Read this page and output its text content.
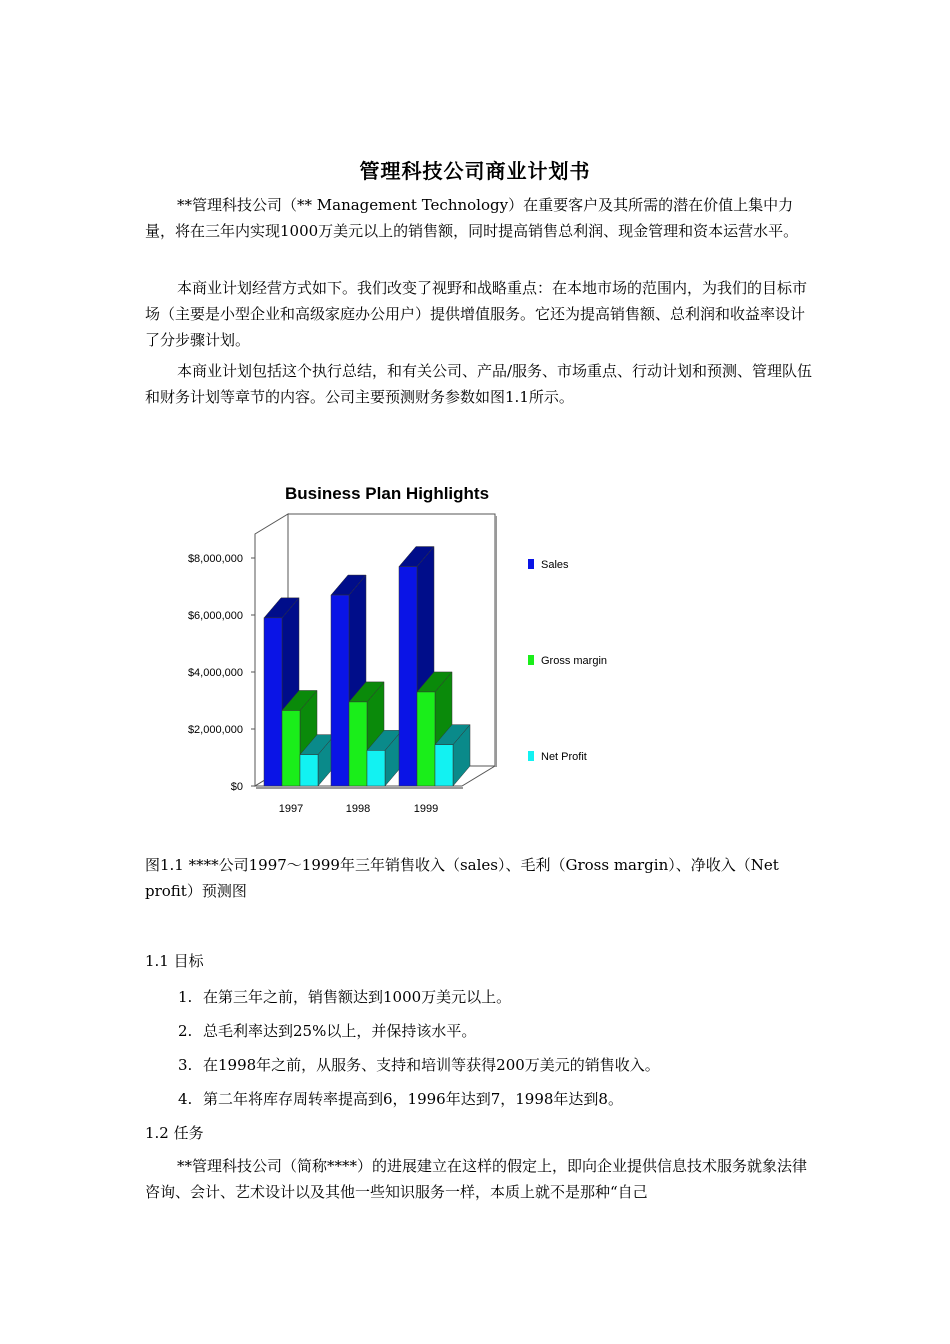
管理科技公司商业计划书
**管理科技公司（** Management Technology）在重要客户及其所需的潜在价值上集中力量，将在三年内实现1000万美元以上的销售额，同时提高销售总利润、现金管理和资本运营水平。
本商业计划经营方式如下。我们改变了视野和战略重点：在本地市场的范围内，为我们的目标市场（主要是小型企业和高级家庭办公用户）提供增值服务。它还为提高销售额、总利润和收益率设计了分步骤计划。
本商业计划包括这个执行总结，和有关公司、产品/服务、市场重点、行动计划和预测、管理队伍和财务计划等章节的内容。公司主要预测财务参数如图1.1所示。
Business Plan Highlights
$8,000,000
$6,000,000
$4,000,000
$2,000,000
$0
1997	1998	1999
Sales
Gross margin
Net Profit
图1.1 ****公司1997～1999年三年销售收入（sales）、毛利（Gross margin）、净收入（Net profit）预测图
1.1 目标
1. 在第三年之前，销售额达到1000万美元以上。
2. 总毛利率达到25%以上，并保持该水平。
3. 在1998年之前，从服务、支持和培训等获得200万美元的销售收入。
4. 第二年将库存周转率提高到6，1996年达到7，1998年达到8。
1.2 任务
**管理科技公司（简称****）的进展建立在这样的假定上，即向企业提供信息技术服务就象法律咨询、会计、艺术设计以及其他一些知识服务一样，本质上就不是那种“自己
